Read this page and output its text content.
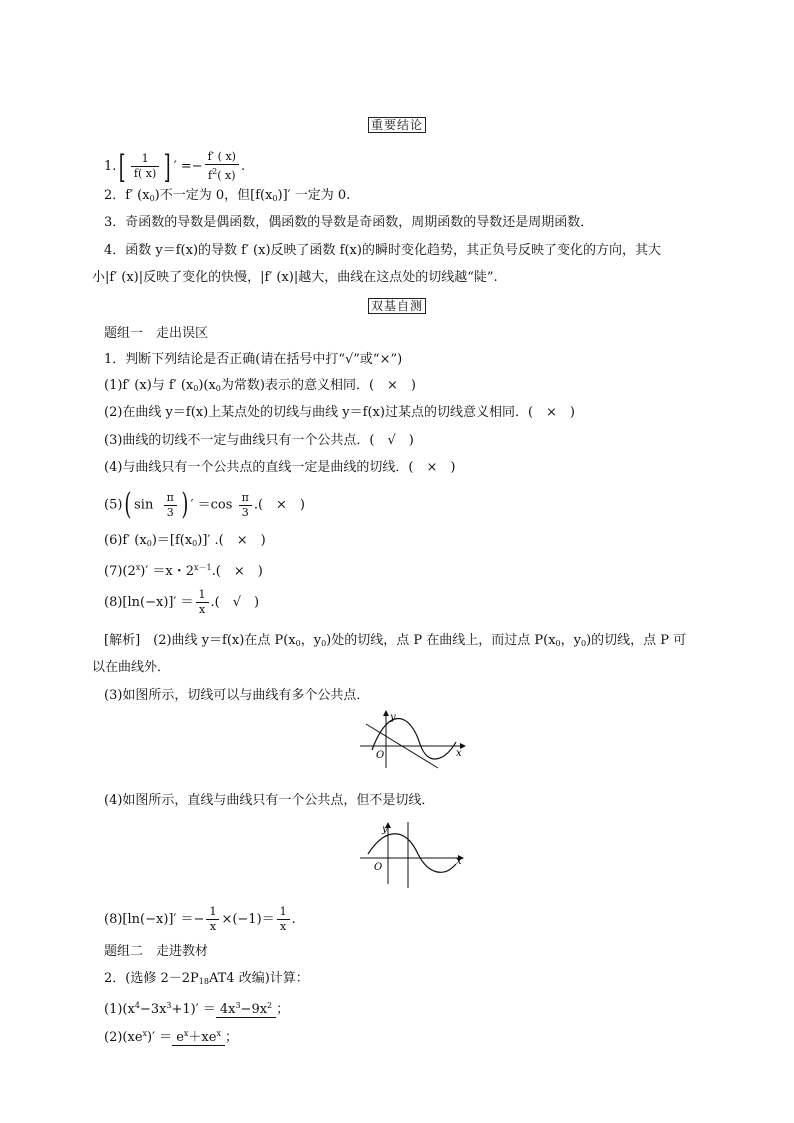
重要结论
$1.[ \frac{1}{f( x)}$ ] ′ =− $\frac{f' ( x)}{f^2( x)}$ .
2．f′ $(x_0)$不一定为 0，但$[f(x_0)]'$ 一定为 0.
3．奇函数的导数是偶函数，偶函数的导数是奇函数，周期函数的导数还是周期函数．
4．函数 y＝f(x)的导数 f′ (x)反映了函数 f(x)的瞬时变化趋势，其正负号反映了变化的方向，其大
小|f′ (x)|反映了变化的快慢，|f′ (x)|越大，曲线在这点处的切线越“陡”.
双基自测
题组一　走出误区
1．判断下列结论是否正确(请在括号中打“√”或“×”)
(1)f′ (x)与 f′ $(x_0)(x_0$为常数)表示的意义相同．(　×　)
(2)在曲线 y＝f(x)上某点处的切线与曲线 y＝f(x)过某点的切线意义相同．(　×　)
(3)曲线的切线不一定与曲线只有一个公共点．(　√　)
(4)与曲线只有一个公共点的直线一定是曲线的切线．(　×　)
(5)( $\sin \frac{\pi}{3}$ ) ′ $=\cos \frac{\pi}{3}$ .(　×　)
(6)f′ $(x_0)=[f(x_0)]'$ .(　×　)
$(7)(2^x)' =x$・$2^{x-1}$.(　×　)
$(8)[\ln(-x)]' = \frac{1}{x}$ .(　√　)
[解析]　(2)曲线 y＝f(x)在点 $P(x_0$，$y_0$)处的切线，点 P 在曲线上，而过点 $P(x_0$，$y_0$)的切线，点 P 可
以在曲线外．
(3)如图所示，切线可以与曲线有多个公共点．
y
x
O
(4)如图所示，直线与曲线只有一个公共点，但不是切线．
y
x
O
$(8)[\ln(-x)]' =- \frac{1}{x} \times(-1)= \frac{1}{x}$ .
题组二　走进教材
2．(选修 $2-2P_{18}AT4$ 改编)计算：
$(1)(x^4-3x^3+1)' = 4x^3-9x^2$ ；
$(2)(xe^x)' = e^x+xe^x$ ；
